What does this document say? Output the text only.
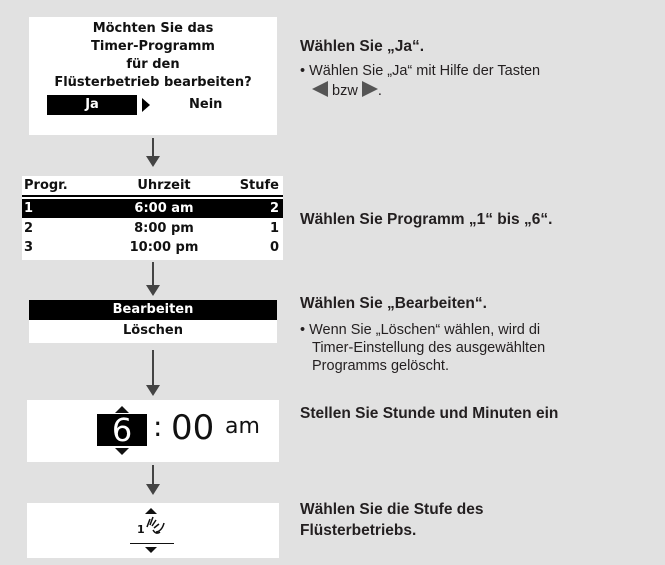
Möchten Sie das
Timer-Programm
für den
Flüsterbetrieb bearbeiten?
Ja	Nein
Progr.	Uhrzeit	Stufe
1	6:00 am	2
2	8:00 pm	1
3	10:00 pm	0
Bearbeiten
Löschen
6 : 00 am
1
Wählen Sie „Ja“.
• Wählen Sie „Ja“ mit Hilfe der Tasten
bzw .
Wählen Sie Programm „1“ bis „6“.
Wählen Sie „Bearbeiten“.
• Wenn Sie „Löschen“ wählen, wird di
Timer-Einstellung des ausgewählten
Programms gelöscht.
Stellen Sie Stunde und Minuten ein
Wählen Sie die Stufe des
Flüsterbetriebs.
